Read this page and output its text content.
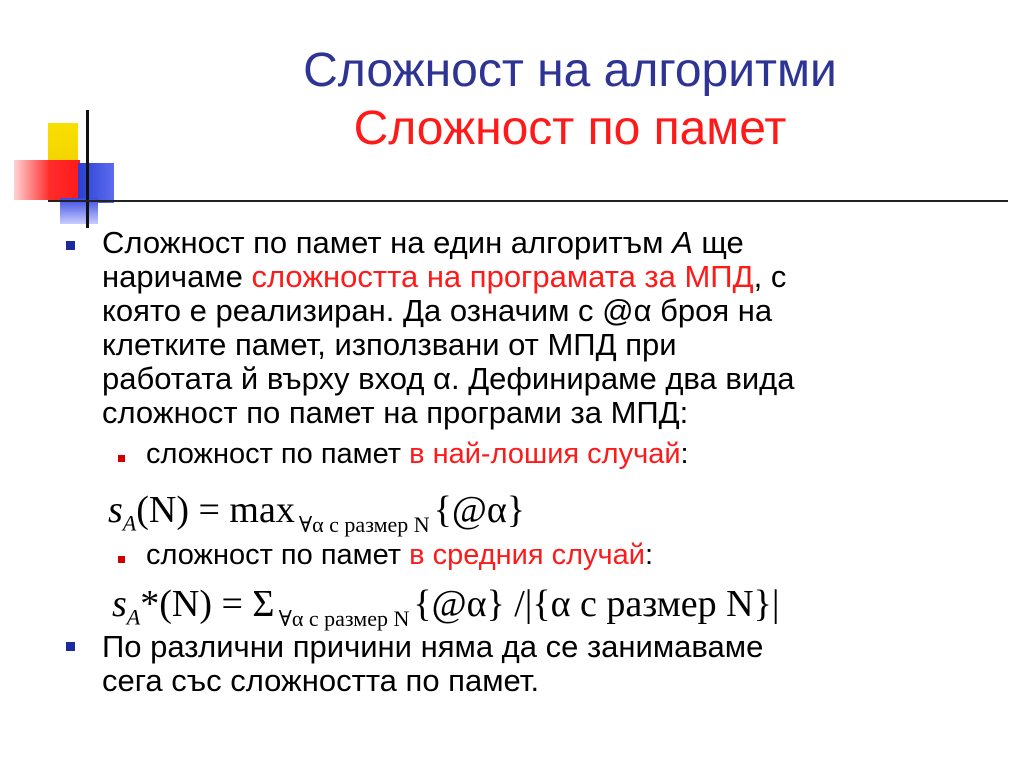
Сложност на алгоритми
Сложност по памет
Сложност по памет на един алгоритъм A ще
наричаме сложността на програмата за МПД, с
която е реализиран. Да означим с @α броя на
клетките памет, използвани от МПД при
работата й върху вход α. Дефинираме два вида
сложност по памет на програми за МПД:
сложност по памет в най-лошия случай:
$s_A(N) = \max$ ∀α с размер N {@α}
сложност по памет в средния случай:
$s_A*(N) = \Sigma$ ∀α с размер N {@α} /|{α с размер N}|
По различни причини няма да се занимаваме
сега със сложността по памет.
